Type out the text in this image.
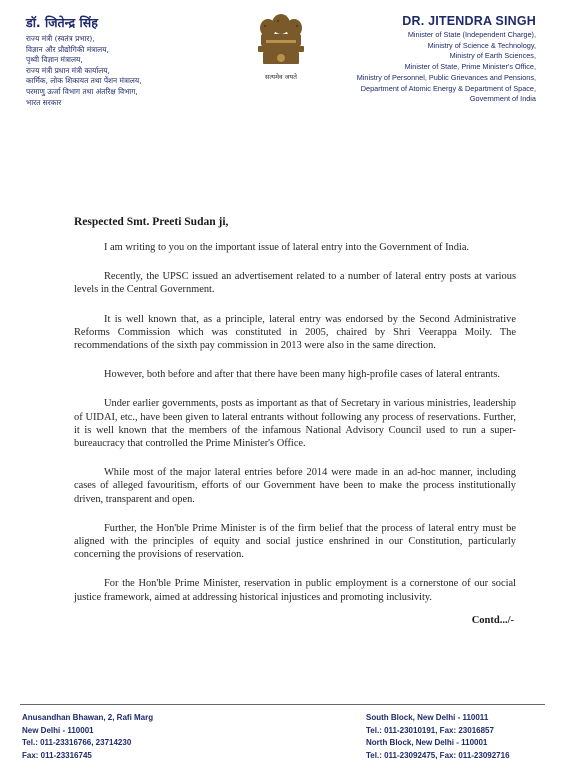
डॉ. जितेन्द्र सिंह
राज्य मंत्री (स्वतंत्र प्रभार),
विज्ञान और प्रौद्योगिकी मंत्रालय,
पृथ्वी विज्ञान मंत्रालय,
राज्य मंत्री प्रधान मंत्री कार्यालय,
कार्मिक, लोक शिकायत तथा पेंशन मंत्रालय,
परमाणु ऊर्जा विभाग तथा अंतरिक्ष विभाग,
भारत सरकार
सत्यमेव जयते
DR. JITENDRA SINGH
Minister of State (Independent Charge),
Ministry of Science & Technology,
Ministry of Earth Sciences,
Minister of State, Prime Minister's Office,
Ministry of Personnel, Public Grievances and Pensions,
Department of Atomic Energy & Department of Space,
Government of India
Respected Smt. Preeti Sudan ji,

I am writing to you on the important issue of lateral entry into the Government of India.

Recently, the UPSC issued an advertisement related to a number of lateral entry posts at various levels in the Central Government.

It is well known that, as a principle, lateral entry was endorsed by the Second Administrative Reforms Commission which was constituted in 2005, chaired by Shri Veerappa Moily. The recommendations of the sixth pay commission in 2013 were also in the same direction.

However, both before and after that there have been many high-profile cases of lateral entrants.

Under earlier governments, posts as important as that of Secretary in various ministries, leadership of UIDAI, etc., have been given to lateral entrants without following any process of reservations. Further, it is well known that the members of the infamous National Advisory Council used to run a super-bureaucracy that controlled the Prime Minister's Office.

While most of the major lateral entries before 2014 were made in an ad-hoc manner, including cases of alleged favouritism, efforts of our Government have been to make the process institutionally driven, transparent and open.

Further, the Hon'ble Prime Minister is of the firm belief that the process of lateral entry must be aligned with the principles of equity and social justice enshrined in our Constitution, particularly concerning the provisions of reservation.

For the Hon'ble Prime Minister, reservation in public employment is a cornerstone of our social justice framework, aimed at addressing historical injustices and promoting inclusivity.

Contd.../-
Anusandhan Bhawan, 2, Rafi Marg
New Delhi - 110001
Tel.: 011-23316766, 23714230
Fax: 011-23316745
South Block, New Delhi - 110011
Tel.: 011-23010191, Fax: 23016857
North Block, New Delhi - 110001
Tel.: 011-23092475, Fax: 011-23092716
